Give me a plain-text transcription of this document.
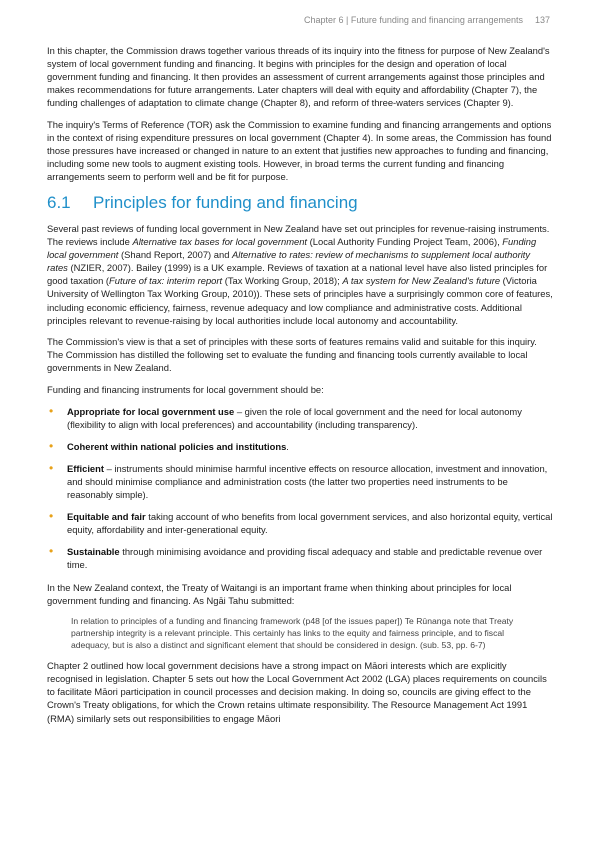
Chapter 6 | Future funding and financing arrangements 137

In this chapter, the Commission draws together various threads of its inquiry into the fitness for purpose of New Zealand's system of local government funding and financing. It begins with principles for the design and operation of local government funding and financing. It then provides an assessment of current arrangements against those principles and makes recommendations for future arrangements. Later chapters will deal with equity and affordability (Chapter 7), the funding challenges of adaptation to climate change (Chapter 8), and reform of three-waters services (Chapter 9).

The inquiry's Terms of Reference (TOR) ask the Commission to examine funding and financing arrangements and options in the context of rising expenditure pressures on local government (Chapter 4). In some areas, the Commission has found those pressures have increased or changed in nature to an extent that justifies new approaches to funding and financing, including some new tools to augment existing tools. However, in broad terms the current funding and financing arrangements seem to perform well and be fit for purpose.

6.1 Principles for funding and financing

Several past reviews of funding local government in New Zealand have set out principles for revenue-raising instruments. The reviews include Alternative tax bases for local government (Local Authority Funding Project Team, 2006), Funding local government (Shand Report, 2007) and Alternative to rates: review of mechanisms to supplement local authority rates (NZIER, 2007). Bailey (1999) is a UK example. Reviews of taxation at a national level have also listed principles for good taxation (Future of tax: interim report (Tax Working Group, 2018); A tax system for New Zealand's future (Victoria University of Wellington Tax Working Group, 2010)). These sets of principles have a surprisingly common core of features, including economic efficiency, fairness, revenue adequacy and low compliance and administrative costs. Additional principles relevant to revenue-raising by local authorities include local autonomy and accountability.

The Commission's view is that a set of principles with these sorts of features remains valid and suitable for this inquiry. The Commission has distilled the following set to evaluate the funding and financing tools currently available to local governments in New Zealand.

Funding and financing instruments for local government should be:

• Appropriate for local government use – given the role of local government and the need for local autonomy (flexibility to align with local preferences) and accountability (including transparency).
• Coherent within national policies and institutions.
• Efficient – instruments should minimise harmful incentive effects on resource allocation, investment and innovation, and should minimise compliance and administration costs (the latter two properties need instruments to be reasonably simple).
• Equitable and fair taking account of who benefits from local government services, and also horizontal equity, vertical equity, affordability and inter-generational equity.
• Sustainable through minimising avoidance and providing fiscal adequacy and stable and predictable revenue over time.

In the New Zealand context, the Treaty of Waitangi is an important frame when thinking about principles for local government funding and financing. As Ngāi Tahu submitted:

In relation to principles of a funding and financing framework (p48 [of the issues paper]) Te Rūnanga note that Treaty partnership integrity is a relevant principle. This certainly has links to the equity and fairness principle, and to fiscal adequacy, but is also a distinct and significant element that should be considered in design. (sub. 53, pp. 6-7)

Chapter 2 outlined how local government decisions have a strong impact on Māori interests which are explicitly recognised in legislation. Chapter 5 sets out how the Local Government Act 2002 (LGA) places requirements on councils to facilitate Māori participation in council processes and decision making. In doing so, councils are giving effect to the Crown's Treaty obligations, for which the Crown retains ultimate responsibility. The Resource Management Act 1991 (RMA) similarly sets out responsibilities to engage Māori
